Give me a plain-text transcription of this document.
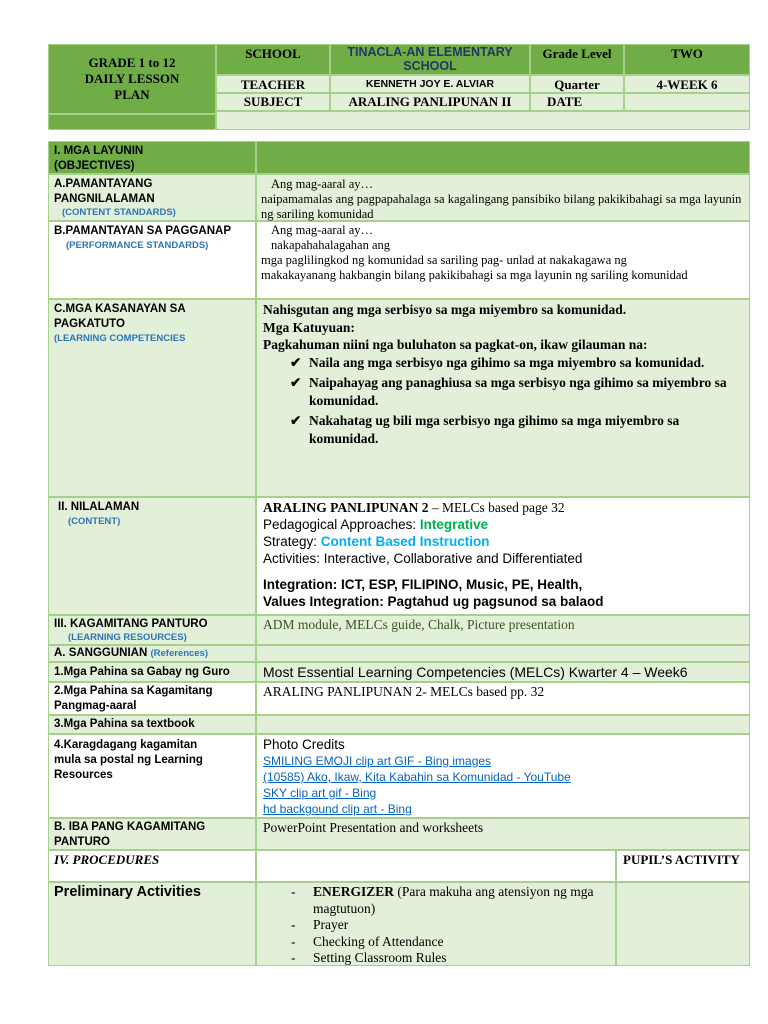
GRADE 1 to 12 DAILY LESSON PLAN
SCHOOL	TINACLA-AN ELEMENTARY SCHOOL
Grade Level	TWO
TEACHER	KENNETH JOY E. ALVIAR	Quarter	4-WEEK 6
SUBJECT	ARALING PANLIPUNAN II	DATE
I. MGA LAYUNIN (OBJECTIVES)
A.PAMANTAYANG PANGNILALAMAN
(CONTENT STANDARDS)
Ang mag-aaral ay…
naipamamalas ang pagpapahalaga sa kagalingang pansibiko bilang pakikibahagi sa mga layunin ng sariling komunidad
B.PAMANTAYAN SA PAGGANAP
(PERFORMANCE STANDARDS)
Ang mag-aaral ay…
nakapahahalagahan ang
mga paglilingkod ng komunidad sa sariling pag- unlad at nakakagawa ng makakayanang hakbangin bilang pakikibahagi sa mga layunin ng sariling komunidad
C.MGA KASANAYAN SA PAGKATUTO
(LEARNING COMPETENCIES
Nahisgutan ang mga serbisyo sa mga miyembro sa komunidad.
Mga Katuyuan:
Pagkahuman niini nga buluhaton sa pagkat-on, ikaw gilauman na:
✔ Naila ang mga serbisyo nga gihimo sa mga miyembro sa komunidad.
✔ Naipahayag ang panaghiusa sa mga serbisyo nga gihimo sa miyembro sa komunidad.
✔ Nakahatag ug bili mga serbisyo nga gihimo sa mga miyembro sa komunidad.
II. NILALAMAN
(CONTENT)
ARALING PANLIPUNAN 2 – MELCs based page 32
Pedagogical Approaches: Integrative
Strategy: Content Based Instruction
Activities: Interactive, Collaborative and Differentiated
Integration: ICT, ESP, FILIPINO, Music, PE, Health,
Values Integration: Pagtahud ug pagsunod sa balaod
III. KAGAMITANG PANTURO
(LEARNING RESOURCES)
ADM module, MELCs guide, Chalk, Picture presentation
A. SANGGUNIAN (References)
1.Mga Pahina sa Gabay ng Guro	Most Essential Learning Competencies (MELCs) Kwarter 4 – Week6
2.Mga Pahina sa Kagamitang Pangmag-aaral
ARALING PANLIPUNAN 2- MELCs based pp. 32
3.Mga Pahina sa textbook
4.Karagdagang kagamitan mula sa postal ng Learning Resources
Photo Credits
SMILING EMOJI clip art GIF - Bing images
(10585) Ako, Ikaw, Kita Kabahin sa Komunidad - YouTube
SKY clip art gif - Bing
hd backgound clip art - Bing
B. IBA PANG KAGAMITANG PANTURO
PowerPoint Presentation and worksheets
IV. PROCEDURES	PUPIL’S ACTIVITY
Preliminary Activities
-	ENERGIZER (Para makuha ang atensiyon ng mga magtutuon)
- Prayer
- Checking of Attendance
- Setting Classroom Rules
